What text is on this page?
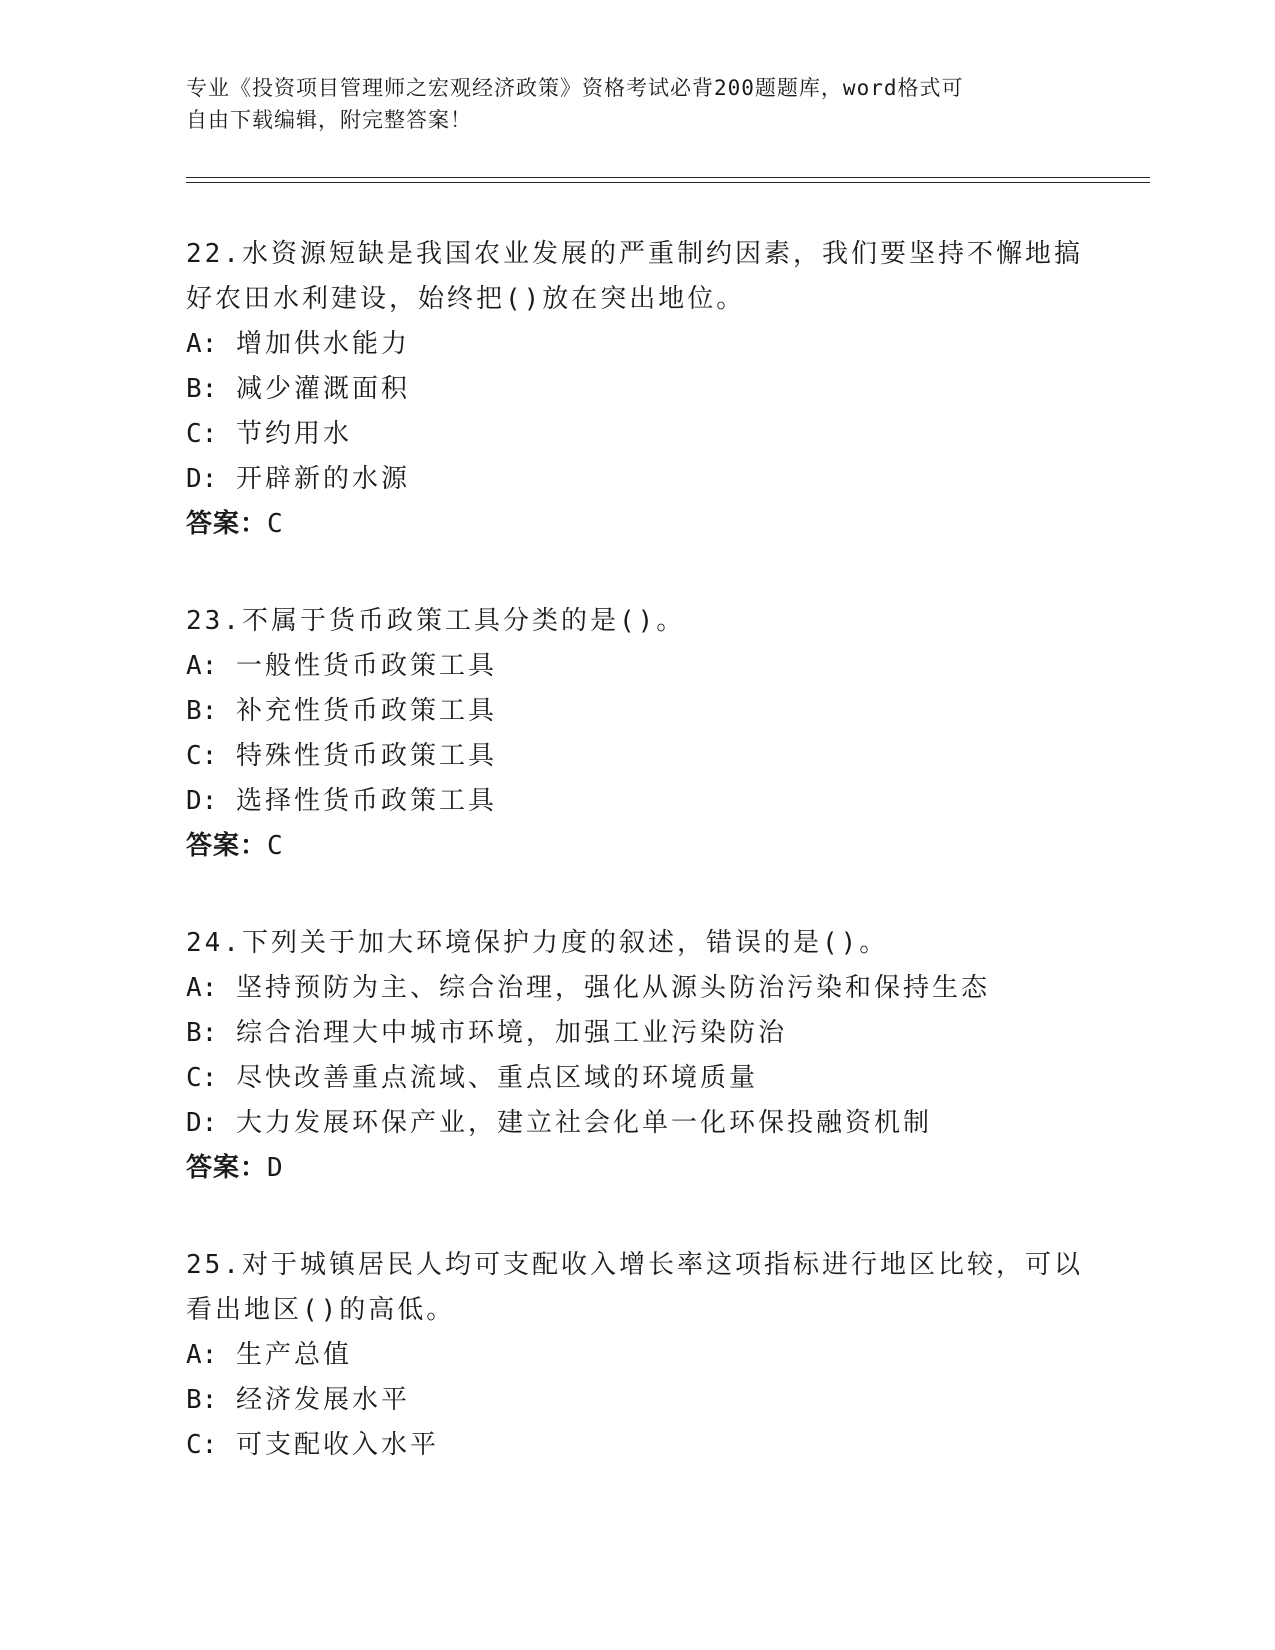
专业《投资项目管理师之宏观经济政策》资格考试必背200题题库，word格式可
自由下载编辑，附完整答案！
22.水资源短缺是我国农业发展的严重制约因素，我们要坚持不懈地搞好农田水利建设，始终把()放在突出地位。
A: 增加供水能力
B: 减少灌溉面积
C: 节约用水
D: 开辟新的水源
答案：C
23.不属于货币政策工具分类的是()。
A: 一般性货币政策工具
B: 补充性货币政策工具
C: 特殊性货币政策工具
D: 选择性货币政策工具
答案：C
24.下列关于加大环境保护力度的叙述，错误的是()。
A: 坚持预防为主、综合治理，强化从源头防治污染和保持生态
B: 综合治理大中城市环境，加强工业污染防治
C: 尽快改善重点流域、重点区域的环境质量
D: 大力发展环保产业，建立社会化单一化环保投融资机制
答案：D
25.对于城镇居民人均可支配收入增长率这项指标进行地区比较，可以看出地区()的高低。
A: 生产总值
B: 经济发展水平
C: 可支配收入水平
